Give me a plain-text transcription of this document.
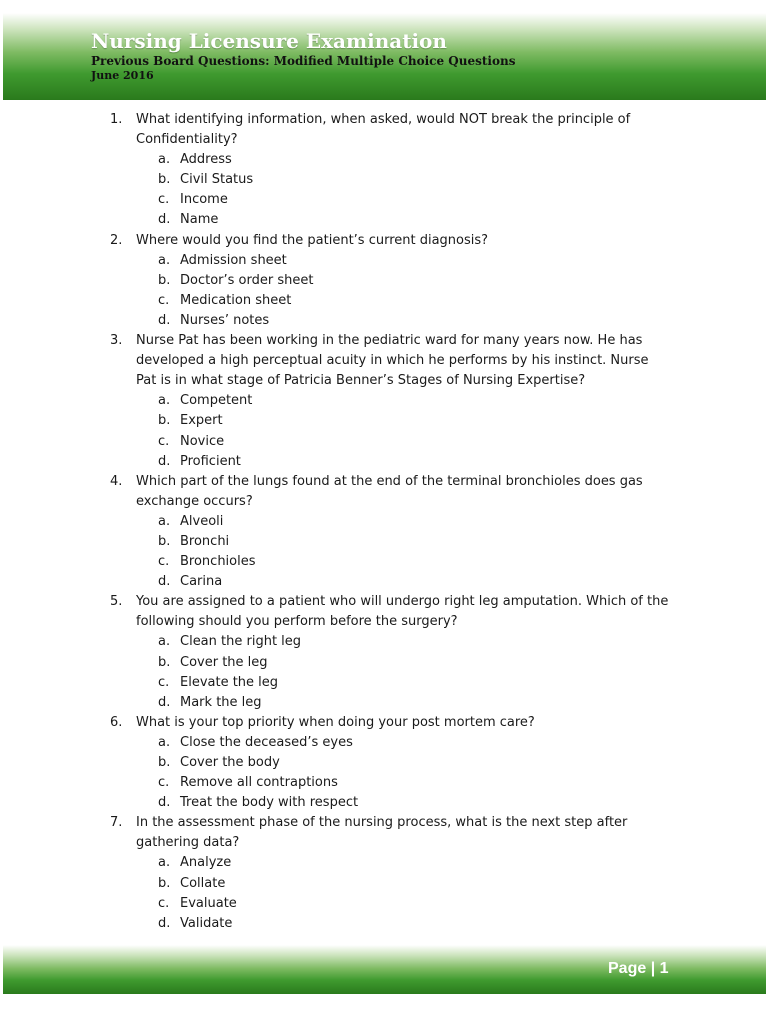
Nursing Licensure Examination
Previous Board Questions: Modified Multiple Choice Questions
June 2016
1.	What identifying information, when asked, would NOT break the principle of Confidentiality?
a. Address
b. Civil Status
c. Income
d. Name
2.	Where would you find the patient’s current diagnosis?
a. Admission sheet
b. Doctor’s order sheet
c. Medication sheet
d. Nurses’ notes
3.	Nurse Pat has been working in the pediatric ward for many years now. He has developed a high perceptual acuity in which he performs by his instinct. Nurse Pat is in what stage of Patricia Benner’s Stages of Nursing Expertise?
a. Competent
b. Expert
c. Novice
d. Proficient
4.	Which part of the lungs found at the end of the terminal bronchioles does gas exchange occurs?
a. Alveoli
b. Bronchi
c. Bronchioles
d. Carina
5.	You are assigned to a patient who will undergo right leg amputation. Which of the following should you perform before the surgery?
a. Clean the right leg
b. Cover the leg
c. Elevate the leg
d. Mark the leg
6.	What is your top priority when doing your post mortem care?
a. Close the deceased’s eyes
b. Cover the body
c. Remove all contraptions
d. Treat the body with respect
7.	In the assessment phase of the nursing process, what is the next step after gathering data?
a. Analyze
b. Collate
c. Evaluate
d. Validate
Page | 1
